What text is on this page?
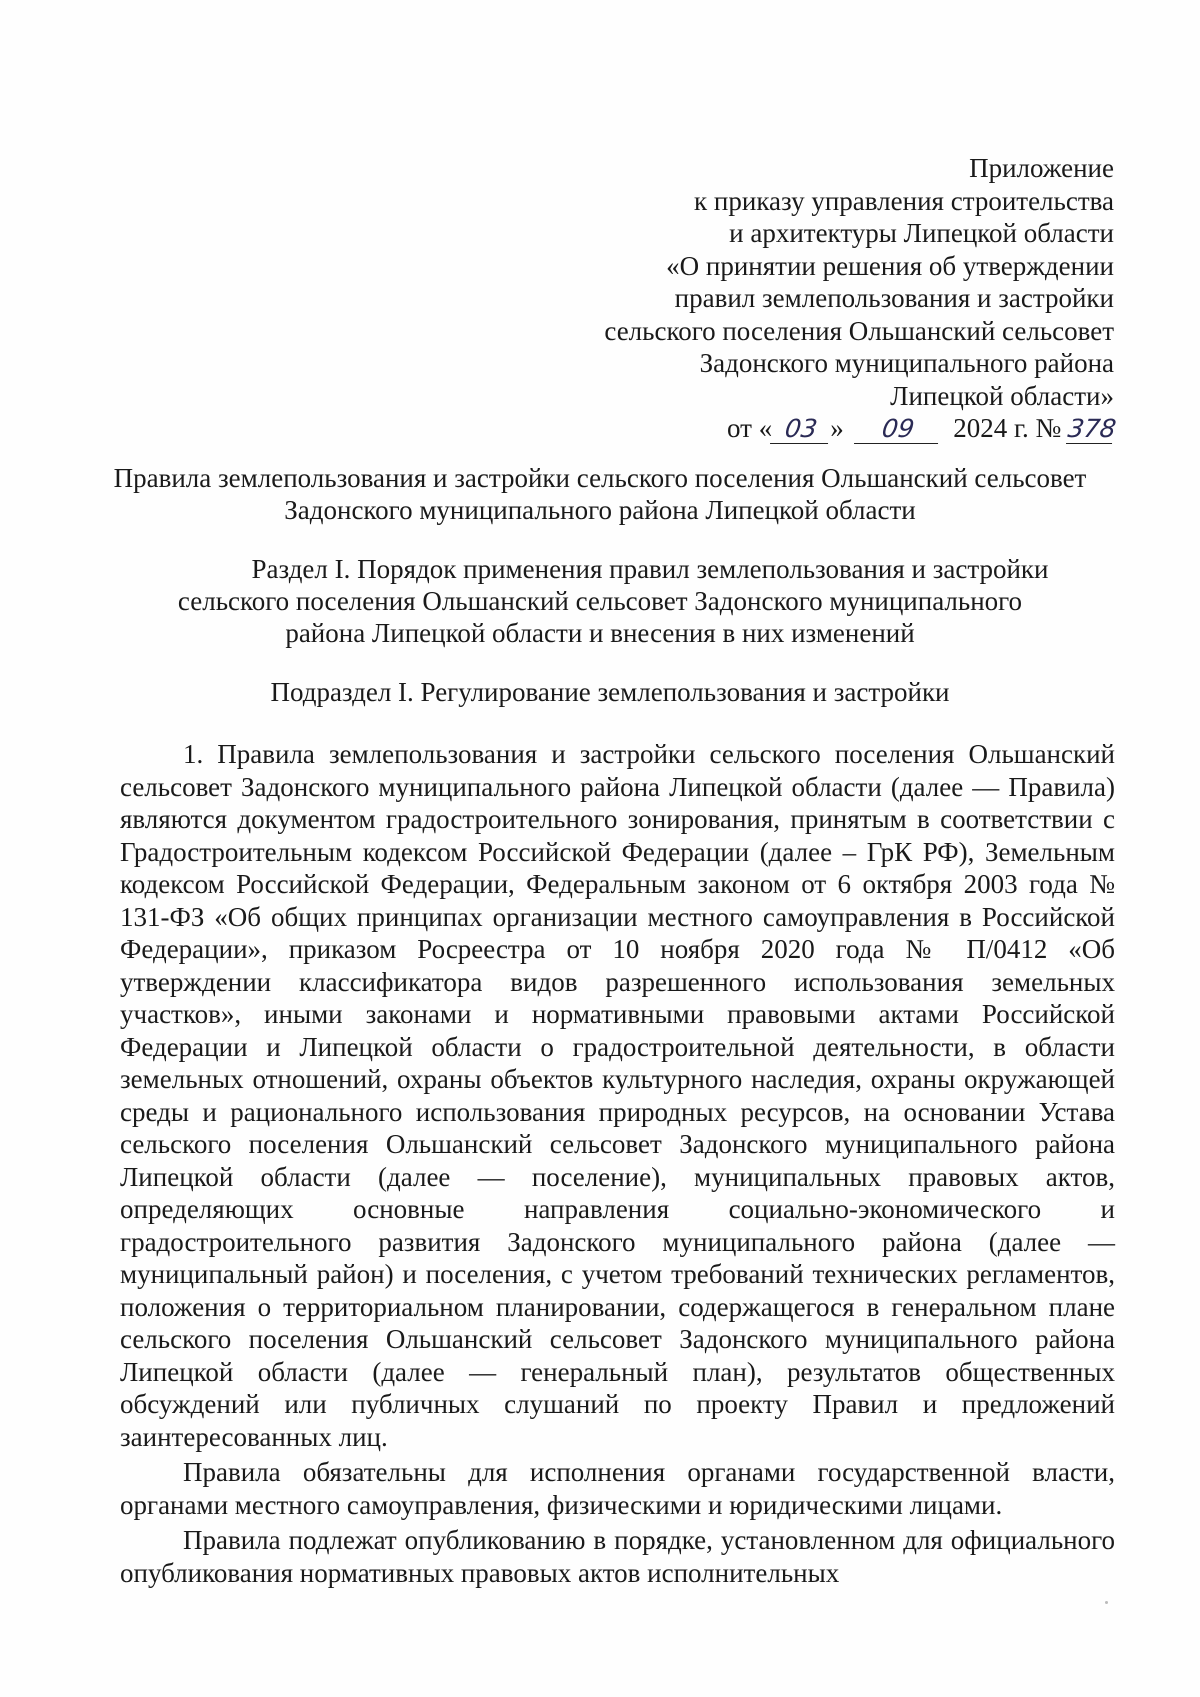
Приложение
к приказу управления строительства
и архитектуры Липецкой области
«О принятии решения об утверждении
правил землепользования и застройки
сельского поселения Ольшанский сельсовет
Задонского муниципального района
Липецкой области»
от « 03 » 09 2024 г. № 378
Правила землепользования и застройки сельского поселения Ольшанский сельсовет
Задонского муниципального района Липецкой области
Раздел I. Порядок применения правил землепользования и застройки
сельского поселения Ольшанский сельсовет Задонского муниципального
района Липецкой области и внесения в них изменений
Подраздел I. Регулирование землепользования и застройки

1. Правила землепользования и застройки сельского поселения Ольшанский сельсовет Задонского муниципального района Липецкой области (далее — Правила) являются документом градостроительного зонирования, принятым в соответствии с Градостроительным кодексом Российской Федерации (далее – ГрК РФ), Земельным кодексом Российской Федерации, Федеральным законом от 6 октября 2003 года № 131-ФЗ «Об общих принципах организации местного самоуправления в Российской Федерации», приказом Росреестра от 10 ноября 2020 года № П/0412 «Об утверждении классификатора видов разрешенного использования земельных участков», иными законами и нормативными правовыми актами Российской Федерации и Липецкой области о градостроительной деятельности, в области земельных отношений, охраны объектов культурного наследия, охраны окружающей среды и рационального использования природных ресурсов, на основании Устава сельского поселения Ольшанский сельсовет Задонского муниципального района Липецкой области (далее — поселение), муниципальных правовых актов, определяющих основные направления социально-экономического и градостроительного развития Задонского муниципального района (далее — муниципальный район) и поселения, с учетом требований технических регламентов, положения о территориальном планировании, содержащегося в генеральном плане сельского поселения Ольшанский сельсовет Задонского муниципального района Липецкой области (далее — генеральный план), результатов общественных обсуждений или публичных слушаний по проекту Правил и предложений заинтересованных лиц.

Правила обязательны для исполнения органами государственной власти, органами местного самоуправления, физическими и юридическими лицами.

Правила подлежат опубликованию в порядке, установленном для официального опубликования нормативных правовых актов исполнительных
